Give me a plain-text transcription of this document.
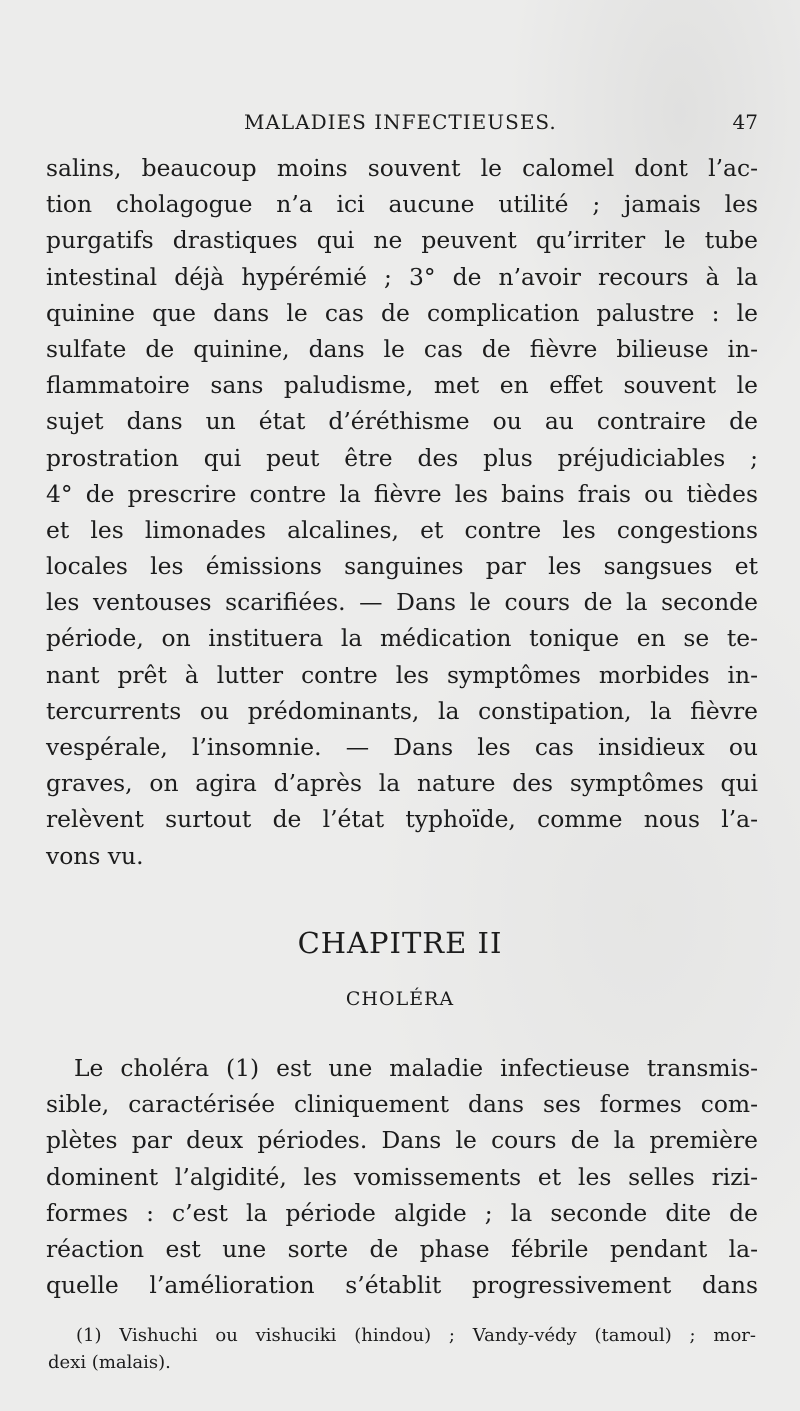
MALADIES INFECTIEUSES.	47
salins, beaucoup moins souvent le calomel dont l’ac-
tion cholagogue n’a ici aucune utilité ; jamais les
purgatifs drastiques qui ne peuvent qu’irriter le tube
intestinal déjà hypérémié ; 3° de n’avoir recours à la
quinine que dans le cas de complication palustre : le
sulfate de quinine, dans le cas de fièvre bilieuse in-
flammatoire sans paludisme, met en effet souvent le
sujet dans un état d’éréthisme ou au contraire de
prostration qui peut être des plus préjudiciables ;
4° de prescrire contre la fièvre les bains frais ou tièdes
et les limonades alcalines, et contre les congestions
locales les émissions sanguines par les sangsues et
les ventouses scarifiées. — Dans le cours de la seconde
période, on instituera la médication tonique en se te-
nant prêt à lutter contre les symptômes morbides in-
tercurrents ou prédominants, la constipation, la fièvre
vespérale, l’insomnie. — Dans les cas insidieux ou
graves, on agira d’après la nature des symptômes qui
relèvent surtout de l’état typhoïde, comme nous l’a-
vons vu.
CHAPITRE II
CHOLÉRA
Le choléra (1) est une maladie infectieuse transmis-
sible, caractérisée cliniquement dans ses formes com-
plètes par deux périodes. Dans le cours de la première
dominent l’algidité, les vomissements et les selles rizi-
formes : c’est la période algide ; la seconde dite de
réaction est une sorte de phase fébrile pendant la-
quelle l’amélioration s’établit progressivement dans
(1) Vishuchi ou vishuciki (hindou) ; Vandy-védy (tamoul) ; mor-
dexi (malais).
